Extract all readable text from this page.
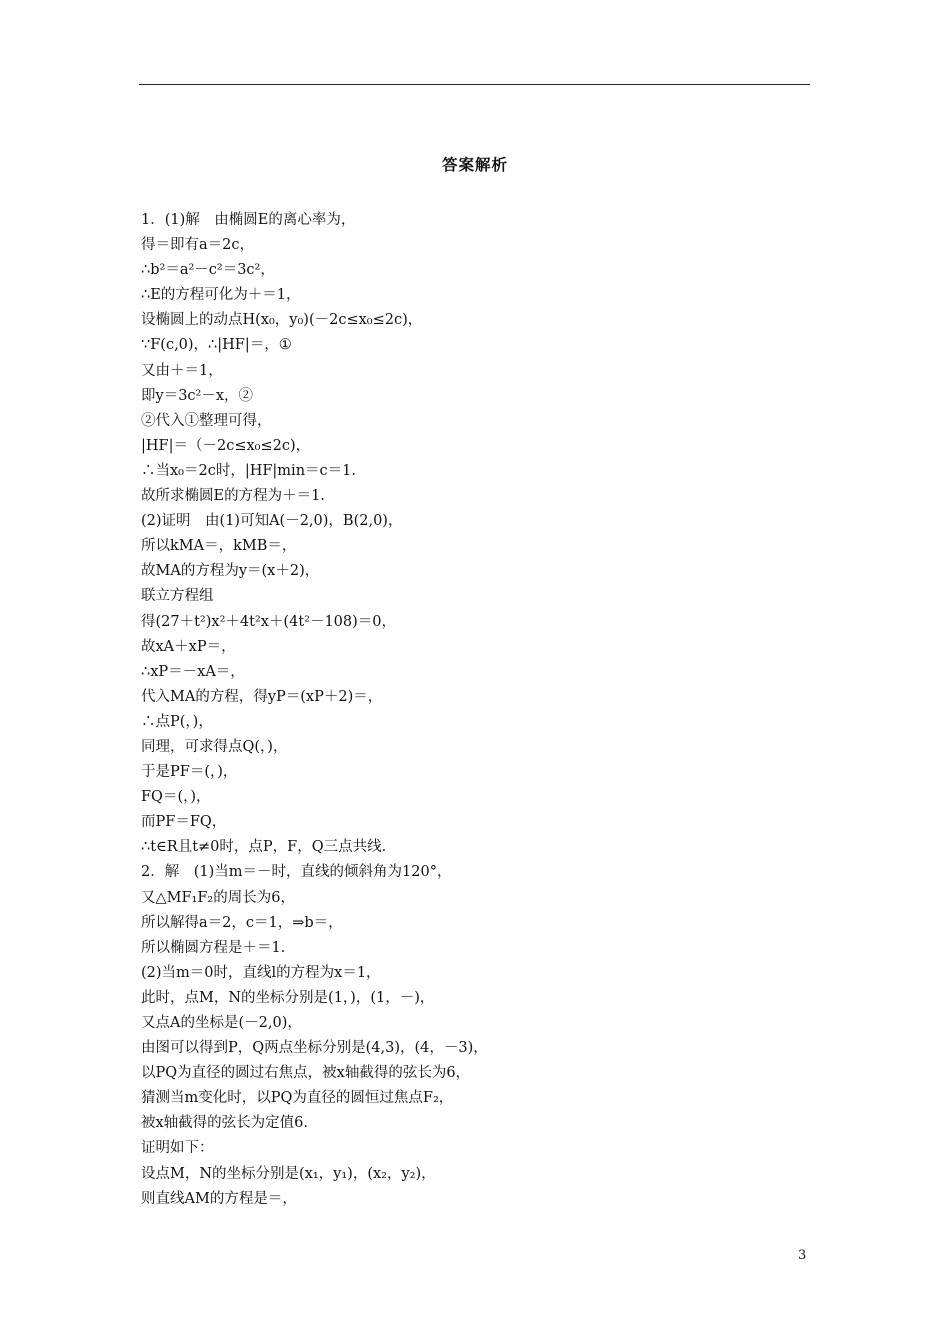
答案解析
1．(1)解　由椭圆E的离心率为，
得＝即有a＝2c，
∴b²＝a²－c²＝3c²，
∴E的方程可化为＋＝1，
设椭圆上的动点H(x₀，y₀)(－2c≤x₀≤2c)，
∵F(c,0)，∴|HF|＝，①
又由＋＝1，
即y＝3c²－x，②
②代入①整理可得，
|HF|＝（－2c≤x₀≤2c)，
∴当x₀＝2c时，|HF|min＝c＝1.
故所求椭圆E的方程为＋＝1.
(2)证明　由(1)可知A(－2,0)，B(2,0)，
所以kMA＝，kMB＝，
故MA的方程为y＝(x＋2)，
联立方程组
得(27＋t²)x²＋4t²x＋(4t²－108)＝0，
故xA＋xP＝，
∴xP＝－xA＝，
代入MA的方程，得yP＝(xP＋2)＝，
∴点P(，)，
同理，可求得点Q(，)，
于是PF＝(，)，
FQ＝(，)，
而PF＝FQ，
∴t∈R且t≠0时，点P，F，Q三点共线.
2．解　(1)当m＝－时，直线的倾斜角为120°，
又△MF₁F₂的周长为6，
所以解得a＝2，c＝1，⇒b＝，
所以椭圆方程是＋＝1.
(2)当m＝0时，直线l的方程为x＝1，
此时，点M，N的坐标分别是(1，)，(1，－)，
又点A的坐标是(－2,0)，
由图可以得到P，Q两点坐标分别是(4,3)，(4，－3)，
以PQ为直径的圆过右焦点，被x轴截得的弦长为6，
猜测当m变化时，以PQ为直径的圆恒过焦点F₂，
被x轴截得的弦长为定值6.
证明如下：
设点M，N的坐标分别是(x₁，y₁)，(x₂，y₂)，
则直线AM的方程是＝，
3
